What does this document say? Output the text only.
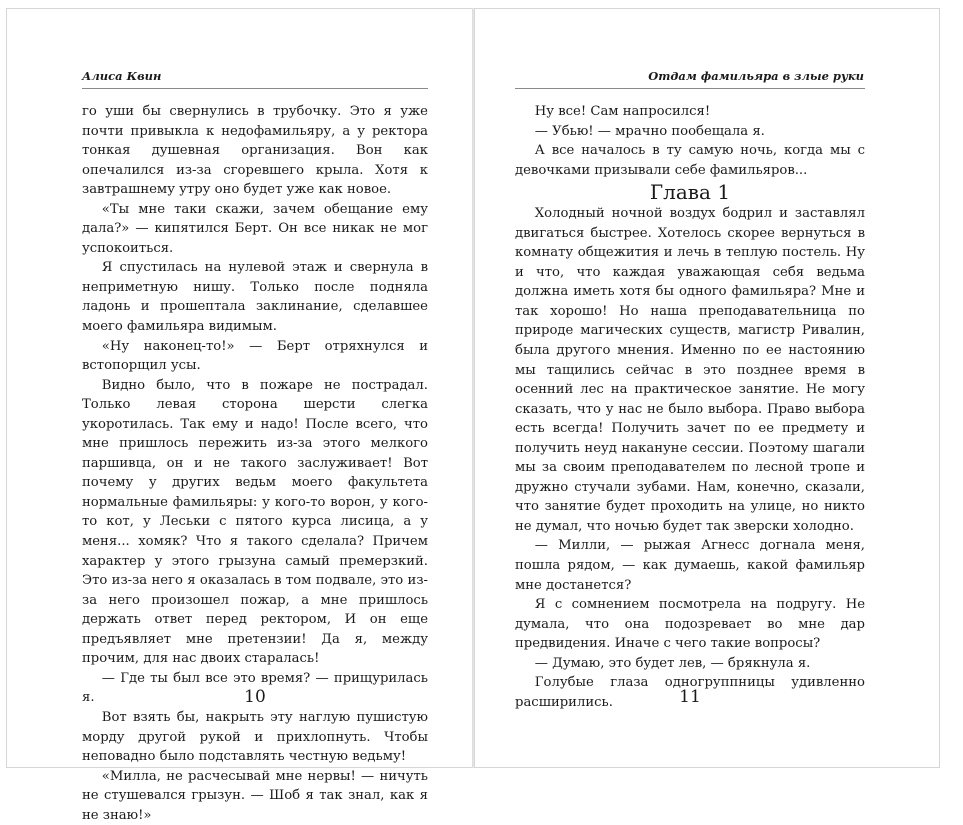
Алиса Квин

го уши бы свернулись в трубочку. Это я уже почти привыкла к недофамильяру, а у ректора тонкая душевная организация. Вон как опечалился из-за сгоревшего крыла. Хотя к завтрашнему утру оно будет уже как новое.

«Ты мне таки скажи, зачем обещание ему дала?» — кипятился Берт. Он все никак не мог успокоиться.

Я спустилась на нулевой этаж и свернула в неприметную нишу. Только после подняла ладонь и прошептала заклинание, сделавшее моего фамильяра видимым.

«Ну наконец-то!» — Берт отряхнулся и встопорщил усы.

Видно было, что в пожаре не пострадал. Только левая сторона шерсти слегка укоротилась. Так ему и надо! После всего, что мне пришлось пережить из-за этого мелкого паршивца, он и не такого заслуживает! Вот почему у других ведьм моего факультета нормальные фамильяры: у кого-то ворон, у кого-то кот, у Леськи с пятого курса лисица, а у меня... хомяк? Что я такого сделала? Причем характер у этого грызуна самый премерзкий. Это из-за него я оказалась в том подвале, это из-за него произошел пожар, а мне пришлось держать ответ перед ректором, И он еще предъявляет мне претензии! Да я, между прочим, для нас двоих старалась!

— Где ты был все это время? — прищурилась я.

Вот взять бы, накрыть эту наглую пушистую морду другой рукой и прихлопнуть. Чтобы неповадно было подставлять честную ведьму!

«Милла, не расчесывай мне нервы! — ничуть не стушевался грызун. — Шоб я так знал, как я не знаю!»

10
Отдам фамильяра в злые руки

Ну все! Сам напросился!

— Убью! — мрачно пообещала я.

А все началось в ту самую ночь, когда мы с девочками призывали себе фамильяров...

Глава 1

Холодный ночной воздух бодрил и заставлял двигаться быстрее. Хотелось скорее вернуться в комнату общежития и лечь в теплую постель. Ну и что, что каждая уважающая себя ведьма должна иметь хотя бы одного фамильяра? Мне и так хорошо! Но наша преподавательница по природе магических существ, магистр Ривалин, была другого мнения. Именно по ее настоянию мы тащились сейчас в это позднее время в осенний лес на практическое занятие. Не могу сказать, что у нас не было выбора. Право выбора есть всегда! Получить зачет по ее предмету и получить неуд накануне сессии. Поэтому шагали мы за своим преподавателем по лесной тропе и дружно стучали зубами. Нам, конечно, сказали, что занятие будет проходить на улице, но никто не думал, что ночью будет так зверски холодно.

— Милли, — рыжая Агнесс догнала меня, пошла рядом, — как думаешь, какой фамильяр мне достанется?

Я с сомнением посмотрела на подругу. Не думала, что она подозревает во мне дар предвидения. Иначе с чего такие вопросы?

— Думаю, это будет лев, — брякнула я.

Голубые глаза одногруппницы удивленно расширились.	11
